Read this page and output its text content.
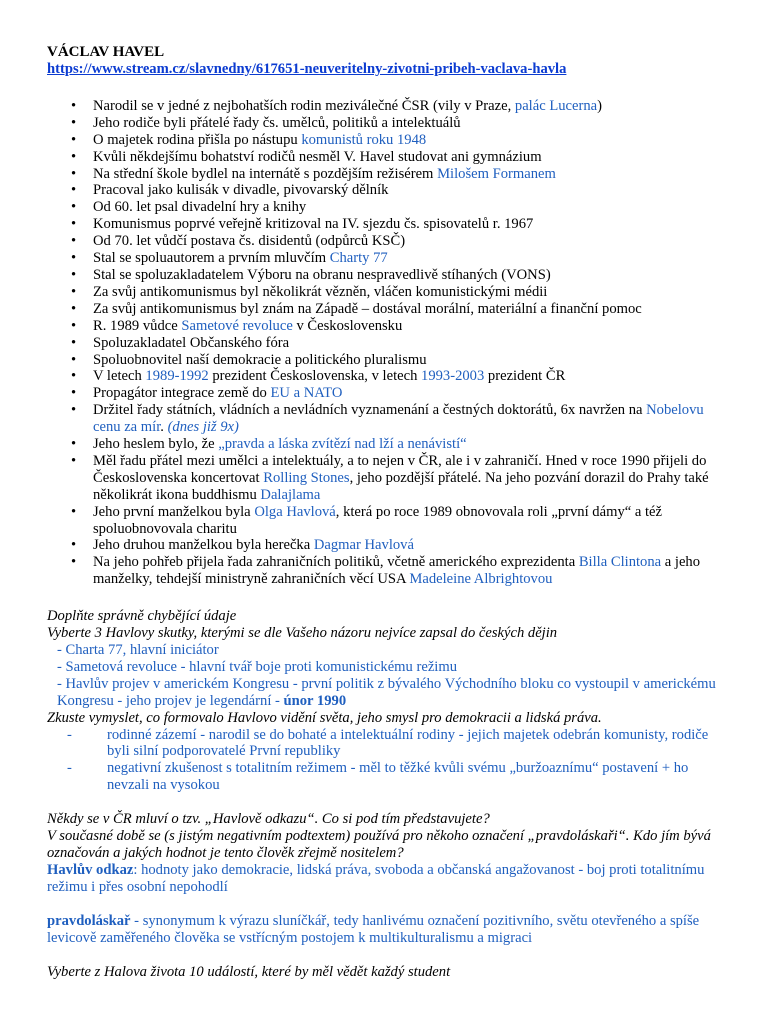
VÁCLAV HAVEL

https://www.stream.cz/slavnedny/617651-neuveritelny-zivotni-pribeh-vaclava-havla
• Narodil se v jedné z nejbohatších rodin meziválečné ČSR (vily v Praze, palác Lucerna)
• Jeho rodiče byli přátelé řady čs. umělců, politiků a intelektuálů
• O majetek rodina přišla po nástupu komunistů roku 1948
• Kvůli někdejšímu bohatství rodičů nesměl V. Havel studovat ani gymnázium
• Na střední škole bydlel na internátě s pozdějším režisérem Milošem Formanem
• Pracoval jako kulisák v divadle, pivovarský dělník
• Od 60. let psal divadelní hry a knihy
• Komunismus poprvé veřejně kritizoval na IV. sjezdu čs. spisovatelů r. 1967
• Od 70. let vůdčí postava čs. disidentů (odpůrců KSČ)
• Stal se spoluautorem a prvním mluvčím Charty 77
• Stal se spoluzakladatelem Výboru na obranu nespravedlivě stíhaných (VONS)
• Za svůj antikomunismus byl několikrát vězněn, vláčen komunistickými médii
• Za svůj antikomunismus byl znám na Západě – dostával morální, materiální a finanční pomoc
• R. 1989 vůdce Sametové revoluce v Československu
• Spoluzakladatel Občanského fóra
• Spoluobnovitel naší demokracie a politického pluralismu
• V letech 1989-1992 prezident Československa, v letech 1993-2003 prezident ČR
• Propagátor integrace země do EU a NATO
• Držitel řady státních, vládních a nevládních vyznamenání a čestných doktorátů, 6x navržen na Nobelovu cenu za mír. (dnes již 9x)
• Jeho heslem bylo, že „pravda a láska zvítězí nad lží a nenávistí“
• Měl řadu přátel mezi umělci a intelektuály, a to nejen v ČR, ale i v zahraničí. Hned v roce 1990 přijeli do Československa koncertovat Rolling Stones, jeho pozdější přátelé. Na jeho pozvání dorazil do Prahy také několikrát ikona buddhismu Dalajlama
• Jeho první manželkou byla Olga Havlová, která po roce 1989 obnovovala roli „první dámy“ a též spoluobnovovala charitu
• Jeho druhou manželkou byla herečka Dagmar Havlová
• Na jeho pohřeb přijela řada zahraničních politiků, včetně amerického exprezidenta Billa Clintona a jeho manželky, tehdejší ministryně zahraničních věcí USA Madeleine Albrightovou
Doplňte správně chybějící údaje
Vyberte 3 Havlovy skutky, kterými se dle Vašeho názoru nejvíce zapsal do českých dějin
- Charta 77, hlavní iniciátor
- Sametová revoluce - hlavní tvář boje proti komunistickému režimu
- Havlův projev v americkém Kongresu - první politik z bývalého Východního bloku co vystoupil v americkému Kongresu - jeho projev je legendární - únor 1990
Zkuste vymyslet, co formovalo Havlovo vidění světa, jeho smysl pro demokracii a lidská práva.
- rodinné zázemí - narodil se do bohaté a intelektuální rodiny - jejich majetek odebrán komunisty, rodiče byli silní podporovatelé První republiky
- negativní zkušenost s totalitním režimem - měl to těžké kvůli svému „buržoaznímu“ postavení + ho nevzali na vysokou
Někdy se v ČR mluví o tzv. „Havlově odkazu“. Co si pod tím představujete?
V současné době se (s jistým negativním podtextem) používá pro někoho označení „pravdoláskaři“. Kdo jím bývá označován a jakých hodnot je tento člověk zřejmě nositelem?
Havlův odkaz: hodnoty jako demokracie, lidská práva, svoboda a občanská angažovanost - boj proti totalitnímu režimu i přes osobní nepohodlí
pravdoláskař - synonymum k výrazu sluníčkář, tedy hanlivému označení pozitivního, světu otevřeného a spíše levicově zaměřeného člověka se vstřícným postojem k multikulturalismu a migraci
Vyberte z Halova života 10 událostí, které by měl vědět každý student
